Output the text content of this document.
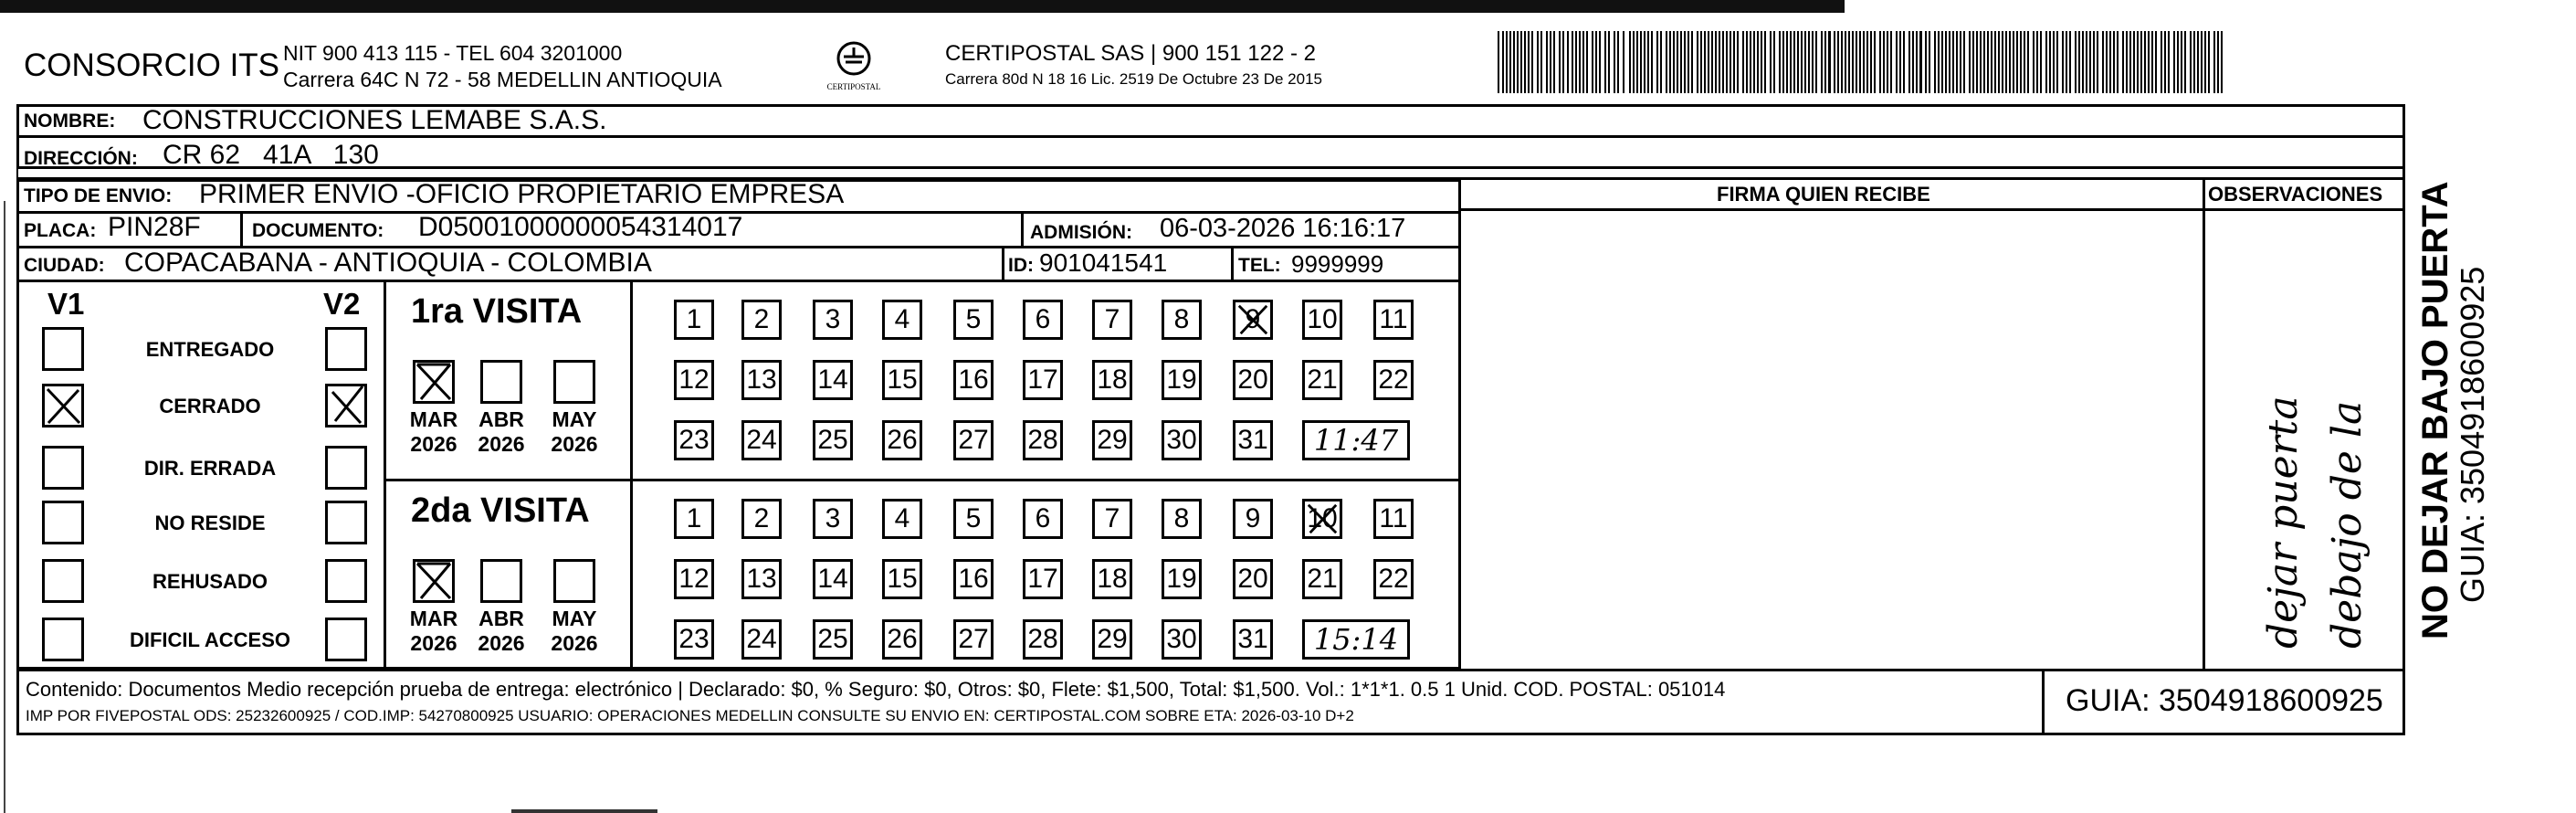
CONSORCIO ITS NIT 900 413 115 - TEL 604 3201000
Carrera 64C N 72 - 58 MEDELLIN ANTIOQUIA	CERTIPOSTAL
CERTIPOSTAL SAS | 900 151 122 - 2
Carrera 80d N 18 16 Lic. 2519 De Octubre 23 De 2015
NOMBRE: CONSTRUCCIONES LEMABE S.A.S.
DIRECCIÓN: CR 62   41A   130
TIPO DE ENVIO: PRIMER ENVIO -OFICIO PROPIETARIO EMPRESA
PLACA: PIN28F	DOCUMENTO: D05001000000054314017	ADMISIÓN: 06-03-2026 16:16:17
CIUDAD: COPACABANA - ANTIOQUIA - COLOMBIA	ID: 901041541	TEL: 9999999
FIRMA QUIEN RECIBE	OBSERVACIONES
dejar puerta debajo de la NO DEJAR BAJO PUERTA
GUIA: 3504918600925
V1	V2
ENTREGADO
CERRADO
DIR. ERRADA
NO RESIDE
REHUSADO
DIFICIL ACCESO
1ra VISITA
MAR
2026
ABR
2026
MAY
2026
1	2	3	4	5	6	7	8	9	10 11
12 13 14 15 16 17 18 19 20 21 22
23 24 25 26 27 28 29 30 31	11:47
2da VISITA
MAR
2026
ABR
2026
MAY
2026
1	2	3	4	5	6	7	8	9	10 11
12 13 14 15 16 17 18 19 20 21 22
23 24 25 26 27 28 29 30 31	15:14
Contenido: Documentos Medio recepción prueba de entrega: electrónico | Declarado: $0, % Seguro: $0, Otros: $0, Flete: $1,500, Total: $1,500. Vol.: 1*1*1. 0.5 1 Unid. COD. POSTAL: 051014
IMP POR FIVEPOSTAL ODS: 25232600925 / COD.IMP: 54270800925 USUARIO: OPERACIONES MEDELLIN CONSULTE SU ENVIO EN: CERTIPOSTAL.COM SOBRE ETA: 2026-03-10 D+2	GUIA: 3504918600925
